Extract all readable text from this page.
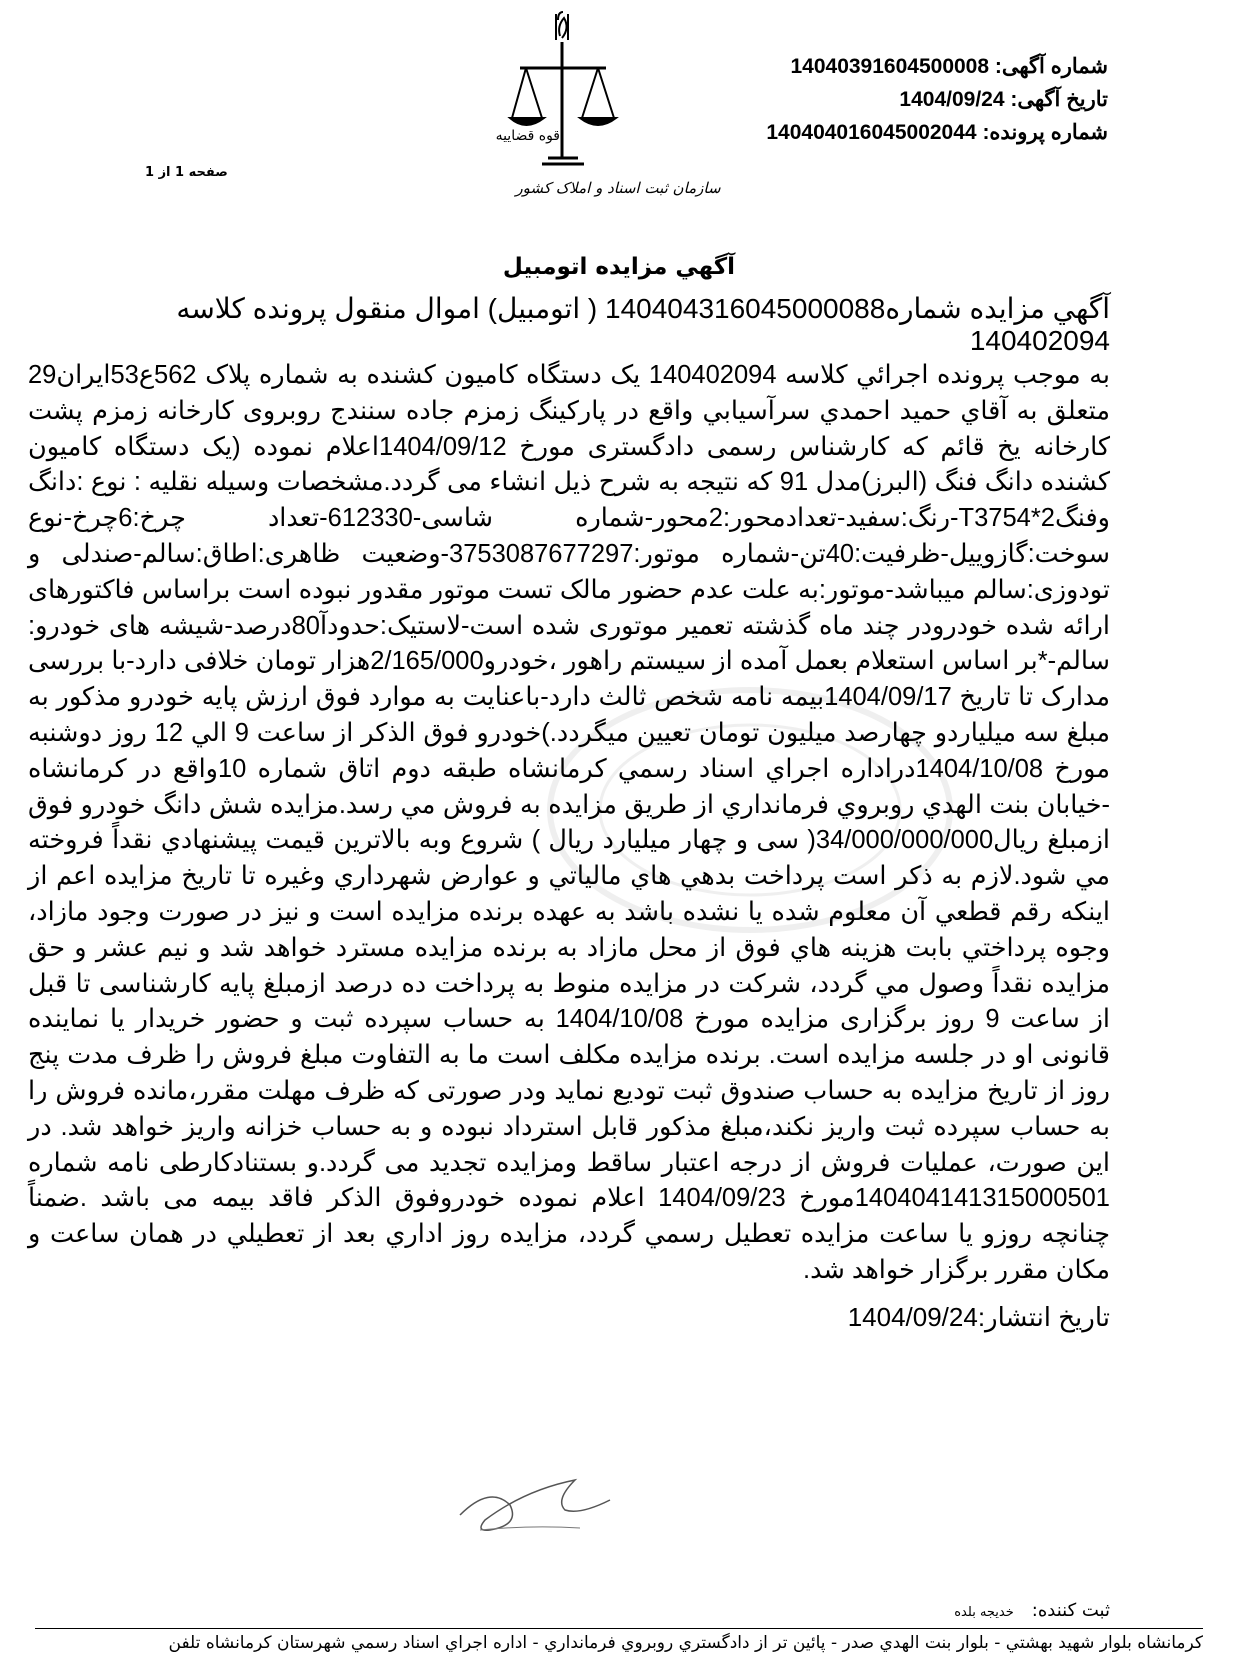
قوه قضاییه
سازمان ثبت اسناد و املاک کشور
شماره آگهی: 14040391604500008
تاریخ آگهی: 1404/09/24
شماره پرونده: 140404016045002044
صفحه 1 از 1
آگهي مزايده اتومبيل
آگهي مزايده شماره140404316045000088 ( اتومبيل) اموال منقول پرونده كلاسه 140402094
به موجب پرونده اجرائي كلاسه 140402094 يک دستگاه کاميون کشنده به شماره پلاک 562ع53ايران29 متعلق به آقاي حميد احمدي سرآسيابي واقع در پارکينگ زمزم جاده سنندج روبروی کارخانه زمزم پشت کارخانه يخ قائم که کارشناس رسمی دادگستری مورخ 1404/09/12اعلام نموده (يک دستگاه کاميون کشنده دانگ فنگ (البرز)مدل 91 که نتیجه به شرح ذیل انشاء می گردد.مشخصات وسيله نقليه : نوع :دانگ وفنگ2*T3754-رنگ:سفيد-تعدادمحور:2محور-شماره شاسی-612330-تعداد چرخ:6چرخ-نوع سوخت:گازوييل-ظرفيت:40تن-شماره موتور:3753087677297-وضعيت ظاهری:اطاق:سالم-صندلی و تودوزی:سالم ميباشد-موتور:به علت عدم حضور مالک تست موتور مقدور نبوده است براساس فاکتورهای ارائه شده خودرودر چند ماه گذشته تعمير موتوری شده است-لاستيک:حدودآ80درصد-شيشه های خودرو: سالم-*بر اساس استعلام بعمل آمده از سيستم راهور ،خودرو2/165/000هزار تومان خلافی دارد-با بررسی مدارک تا تاريخ 1404/09/17بيمه نامه شخص ثالث دارد-باعنايت به موارد فوق ارزش پايه خودرو مذکور به مبلغ سه ميلياردو چهارصد ميليون تومان تعيين ميگردد.)خودرو فوق الذكر از ساعت 9 الي 12 روز دوشنبه مورخ 1404/10/08دراداره اجراي اسناد رسمي كرمانشاه طبقه دوم اتاق شماره 10واقع در كرمانشاه -خيابان بنت الهدي روبروي فرمانداري از طريق مزايده به فروش مي رسد.مزايده شش دانگ خودرو فوق ازمبلغ ريال34/000/000/000( سی و چهار ميليارد ريال ) شروع وبه بالاترين قيمت پيشنهادي نقداً فروخته مي شود.لازم به ذكر است پرداخت بدهي هاي مالياتي و عوارض شهرداري وغيره تا تاريخ مزايده اعم از اينكه رقم قطعي آن معلوم شده يا نشده باشد به عهده برنده مزايده است و نيز در صورت وجود مازاد، وجوه پرداختي بابت هزينه هاي فوق از محل مازاد به برنده مزايده مسترد خواهد شد و نيم عشر و حق مزايده نقداً وصول مي گردد، شرکت در مزايده منوط به پرداخت ده درصد ازمبلغ پايه کارشناسی تا قبل از ساعت 9 روز برگزاری مزايده مورخ 1404/10/08 به حساب سپرده ثبت و حضور خريدار يا نماينده قانونی او در جلسه مزايده است. برنده مزايده مکلف است ما به التفاوت مبلغ فروش را ظرف مدت پنج روز از تاريخ مزايده به حساب صندوق ثبت توديع نمايد ودر صورتی که ظرف مهلت مقرر،مانده فروش را به حساب سپرده ثبت واريز نکند،مبلغ مذکور قابل استرداد نبوده و به حساب خزانه واريز خواهد شد. در اين صورت، عمليات فروش از درجه اعتبار ساقط ومزايده تجديد می گردد.و بستنادکارطی نامه شماره 140404141315000501مورخ 1404/09/23 اعلام نموده خودروفوق الذکر فاقد بيمه می باشد .ضمناً چنانچه روزو يا ساعت مزايده تعطيل رسمي گردد، مزايده روز اداري بعد از تعطيلي در همان ساعت و مكان مقرر برگزار خواهد شد.
تاريخ انتشار:1404/09/24
ثبت کننده:خدیجه بلده
كرمانشاه بلوار شهيد بهشتي - بلوار بنت الهدي صدر - پائين تر از دادگستري روبروي فرمانداري - اداره اجراي اسناد رسمي شهرستان كرمانشاه تلفن
